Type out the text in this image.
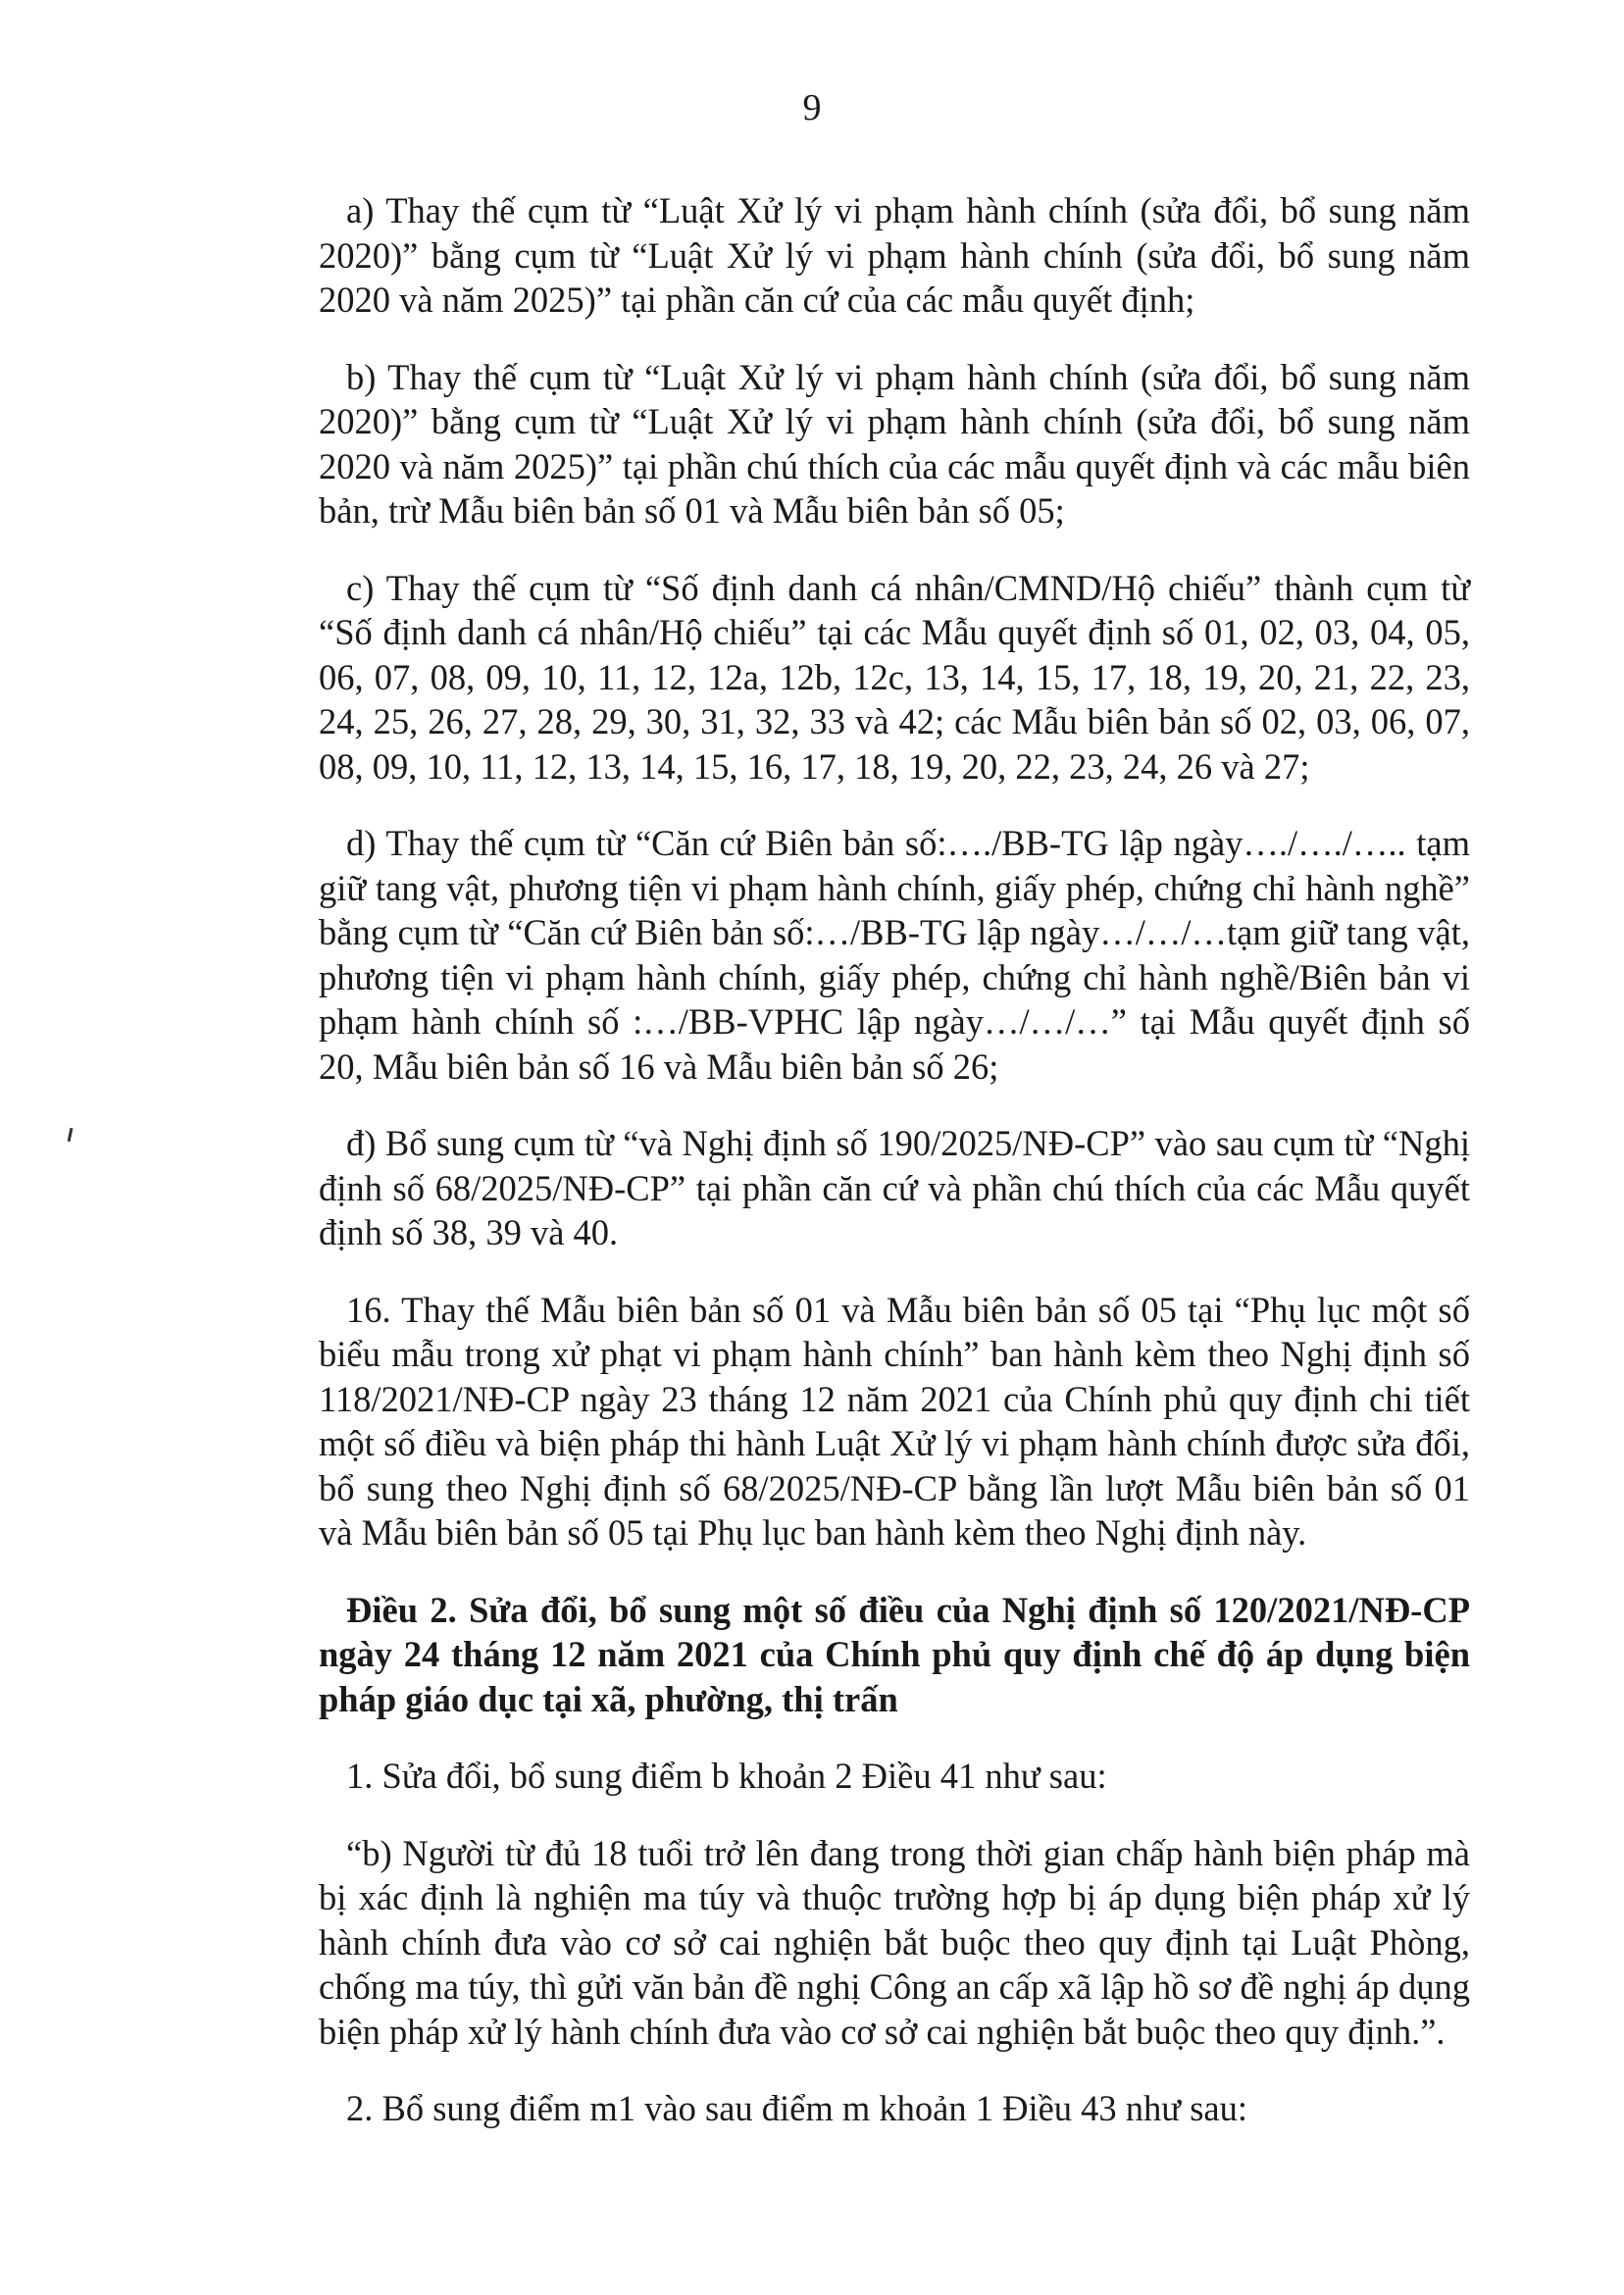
9

a) Thay thế cụm từ “Luật Xử lý vi phạm hành chính (sửa đổi, bổ sung năm 2020)” bằng cụm từ “Luật Xử lý vi phạm hành chính (sửa đổi, bổ sung năm 2020 và năm 2025)” tại phần căn cứ của các mẫu quyết định;

b) Thay thế cụm từ “Luật Xử lý vi phạm hành chính (sửa đổi, bổ sung năm 2020)” bằng cụm từ “Luật Xử lý vi phạm hành chính (sửa đổi, bổ sung năm 2020 và năm 2025)” tại phần chú thích của các mẫu quyết định và các mẫu biên bản, trừ Mẫu biên bản số 01 và Mẫu biên bản số 05;

c) Thay thế cụm từ “Số định danh cá nhân/CMND/Hộ chiếu” thành cụm từ “Số định danh cá nhân/Hộ chiếu” tại các Mẫu quyết định số 01, 02, 03, 04, 05, 06, 07, 08, 09, 10, 11, 12, 12a, 12b, 12c, 13, 14, 15, 17, 18, 19, 20, 21, 22, 23, 24, 25, 26, 27, 28, 29, 30, 31, 32, 33 và 42; các Mẫu biên bản số 02, 03, 06, 07, 08, 09, 10, 11, 12, 13, 14, 15, 16, 17, 18, 19, 20, 22, 23, 24, 26 và 27;

d) Thay thế cụm từ “Căn cứ Biên bản số:…./BB-TG lập ngày…./…./….. tạm giữ tang vật, phương tiện vi phạm hành chính, giấy phép, chứng chỉ hành nghề” bằng cụm từ “Căn cứ Biên bản số:…/BB-TG lập ngày…/…/…tạm giữ tang vật, phương tiện vi phạm hành chính, giấy phép, chứng chỉ hành nghề/Biên bản vi phạm hành chính số :…/BB-VPHC lập ngày…/…/…” tại Mẫu quyết định số 20, Mẫu biên bản số 16 và Mẫu biên bản số 26;

đ) Bổ sung cụm từ “và Nghị định số 190/2025/NĐ-CP” vào sau cụm từ “Nghị định số 68/2025/NĐ-CP” tại phần căn cứ và phần chú thích của các Mẫu quyết định số 38, 39 và 40.

16. Thay thế Mẫu biên bản số 01 và Mẫu biên bản số 05 tại “Phụ lục một số biểu mẫu trong xử phạt vi phạm hành chính” ban hành kèm theo Nghị định số 118/2021/NĐ-CP ngày 23 tháng 12 năm 2021 của Chính phủ quy định chi tiết một số điều và biện pháp thi hành Luật Xử lý vi phạm hành chính được sửa đổi, bổ sung theo Nghị định số 68/2025/NĐ-CP bằng lần lượt Mẫu biên bản số 01 và Mẫu biên bản số 05 tại Phụ lục ban hành kèm theo Nghị định này.

Điều 2. Sửa đổi, bổ sung một số điều của Nghị định số 120/2021/NĐ-CP ngày 24 tháng 12 năm 2021 của Chính phủ quy định chế độ áp dụng biện pháp giáo dục tại xã, phường, thị trấn

1. Sửa đổi, bổ sung điểm b khoản 2 Điều 41 như sau:

“b) Người từ đủ 18 tuổi trở lên đang trong thời gian chấp hành biện pháp mà bị xác định là nghiện ma túy và thuộc trường hợp bị áp dụng biện pháp xử lý hành chính đưa vào cơ sở cai nghiện bắt buộc theo quy định tại Luật Phòng, chống ma túy, thì gửi văn bản đề nghị Công an cấp xã lập hồ sơ đề nghị áp dụng biện pháp xử lý hành chính đưa vào cơ sở cai nghiện bắt buộc theo quy định.”.

2. Bổ sung điểm m1 vào sau điểm m khoản 1 Điều 43 như sau:
